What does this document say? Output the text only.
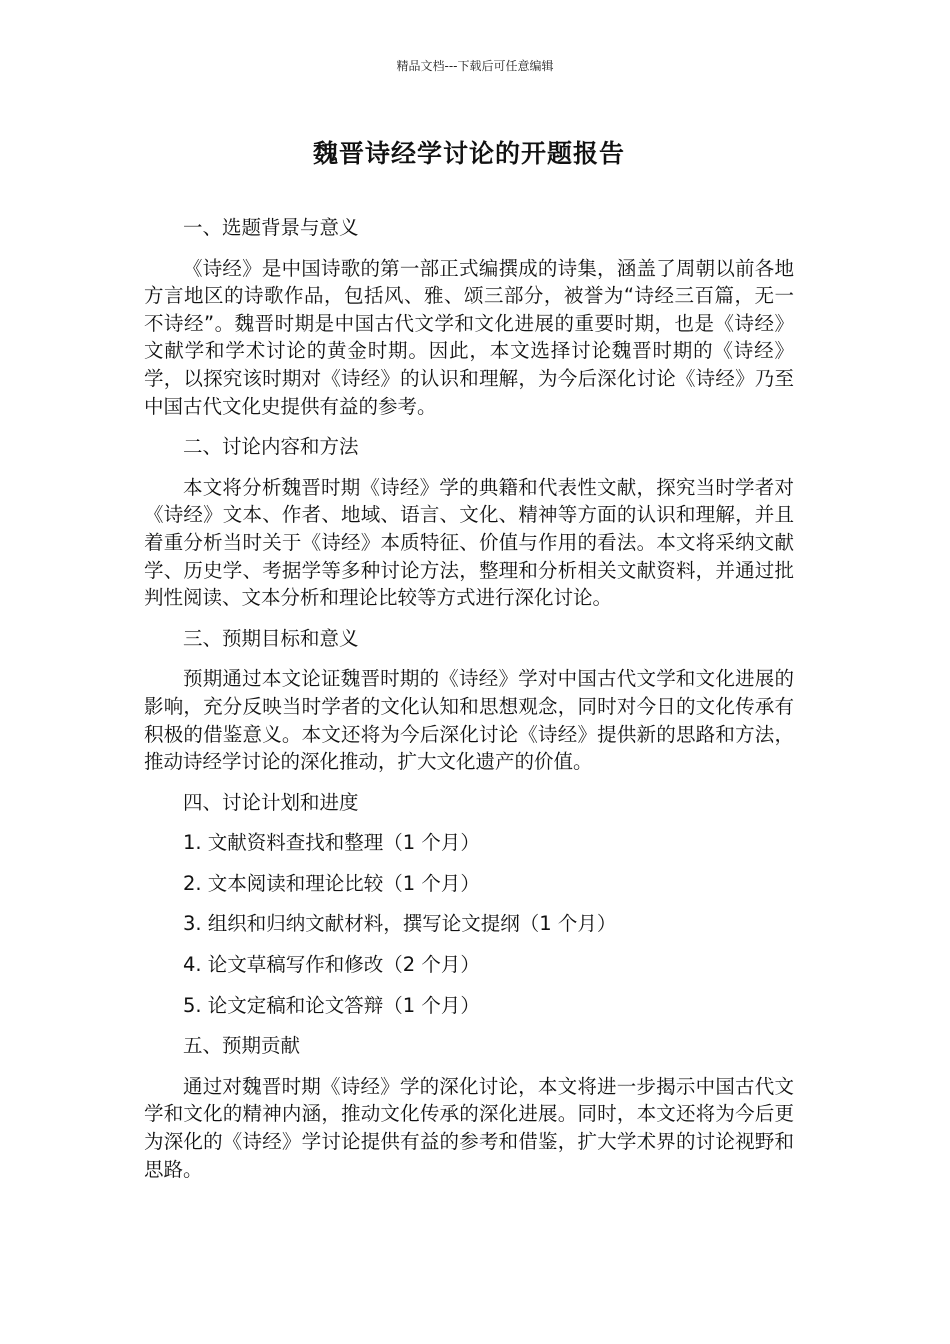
精品文档---下载后可任意编辑
魏晋诗经学讨论的开题报告
一、选题背景与意义
《诗经》是中国诗歌的第一部正式编撰成的诗集，涵盖了周朝以前各地方言地区的诗歌作品，包括风、雅、颂三部分，被誉为“诗经三百篇，无一不诗经”。魏晋时期是中国古代文学和文化进展的重要时期，也是《诗经》文献学和学术讨论的黄金时期。因此，本文选择讨论魏晋时期的《诗经》学，以探究该时期对《诗经》的认识和理解，为今后深化讨论《诗经》乃至中国古代文化史提供有益的参考。
二、讨论内容和方法
本文将分析魏晋时期《诗经》学的典籍和代表性文献，探究当时学者对《诗经》文本、作者、地域、语言、文化、精神等方面的认识和理解，并且着重分析当时关于《诗经》本质特征、价值与作用的看法。本文将采纳文献学、历史学、考据学等多种讨论方法，整理和分析相关文献资料，并通过批判性阅读、文本分析和理论比较等方式进行深化讨论。
三、预期目标和意义
预期通过本文论证魏晋时期的《诗经》学对中国古代文学和文化进展的影响，充分反映当时学者的文化认知和思想观念，同时对今日的文化传承有积极的借鉴意义。本文还将为今后深化讨论《诗经》提供新的思路和方法，推动诗经学讨论的深化推动，扩大文化遗产的价值。
四、讨论计划和进度
1. 文献资料查找和整理（1 个月）
2. 文本阅读和理论比较（1 个月）
3. 组织和归纳文献材料，撰写论文提纲（1 个月）
4. 论文草稿写作和修改（2 个月）
5. 论文定稿和论文答辩（1 个月）
五、预期贡献
通过对魏晋时期《诗经》学的深化讨论，本文将进一步揭示中国古代文学和文化的精神内涵，推动文化传承的深化进展。同时，本文还将为今后更为深化的《诗经》学讨论提供有益的参考和借鉴，扩大学术界的讨论视野和思路。
